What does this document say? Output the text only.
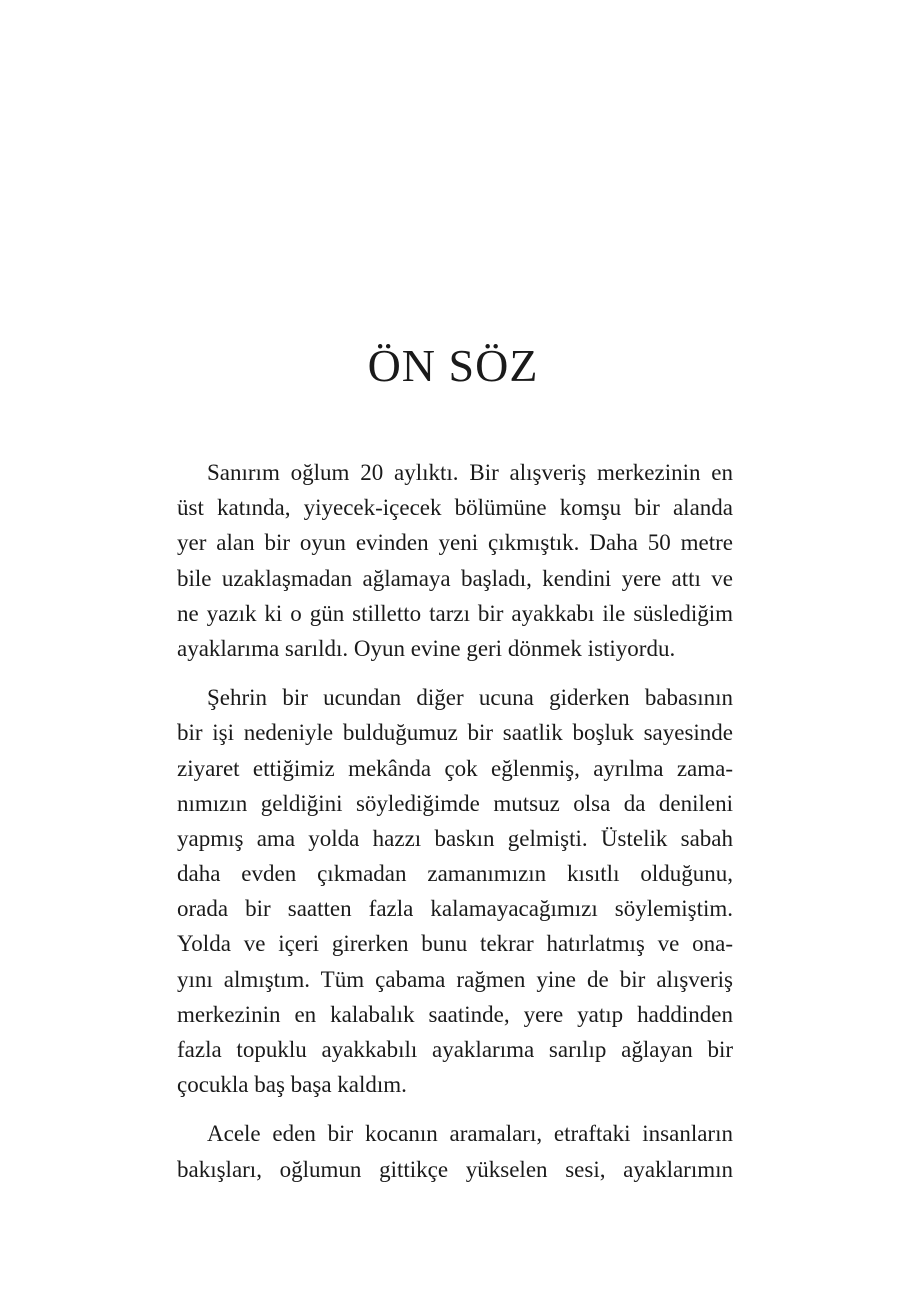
ÖN SÖZ

Sanırım oğlum 20 aylıktı. Bir alışveriş merkezinin en
üst katında, yiyecek-içecek bölümüne komşu bir alanda
yer alan bir oyun evinden yeni çıkmıştık. Daha 50 metre
bile uzaklaşmadan ağlamaya başladı, kendini yere attı ve
ne yazık ki o gün stilletto tarzı bir ayakkabı ile süslediğim
ayaklarıma sarıldı. Oyun evine geri dönmek istiyordu.

Şehrin bir ucundan diğer ucuna giderken babasının
bir işi nedeniyle bulduğumuz bir saatlik boşluk sayesinde
ziyaret ettiğimiz mekânda çok eğlenmiş, ayrılma zama-
nımızın geldiğini söylediğimde mutsuz olsa da denileni
yapmış ama yolda hazzı baskın gelmişti. Üstelik sabah
daha evden çıkmadan zamanımızın kısıtlı olduğunu,
orada bir saatten fazla kalamayacağımızı söylemiştim.
Yolda ve içeri girerken bunu tekrar hatırlatmış ve ona-
yını almıştım. Tüm çabama rağmen yine de bir alışveriş
merkezinin en kalabalık saatinde, yere yatıp haddinden
fazla topuklu ayakkabılı ayaklarıma sarılıp ağlayan bir
çocukla baş başa kaldım.

Acele eden bir kocanın aramaları, etraftaki insanların
bakışları, oğlumun gittikçe yükselen sesi, ayaklarımın
